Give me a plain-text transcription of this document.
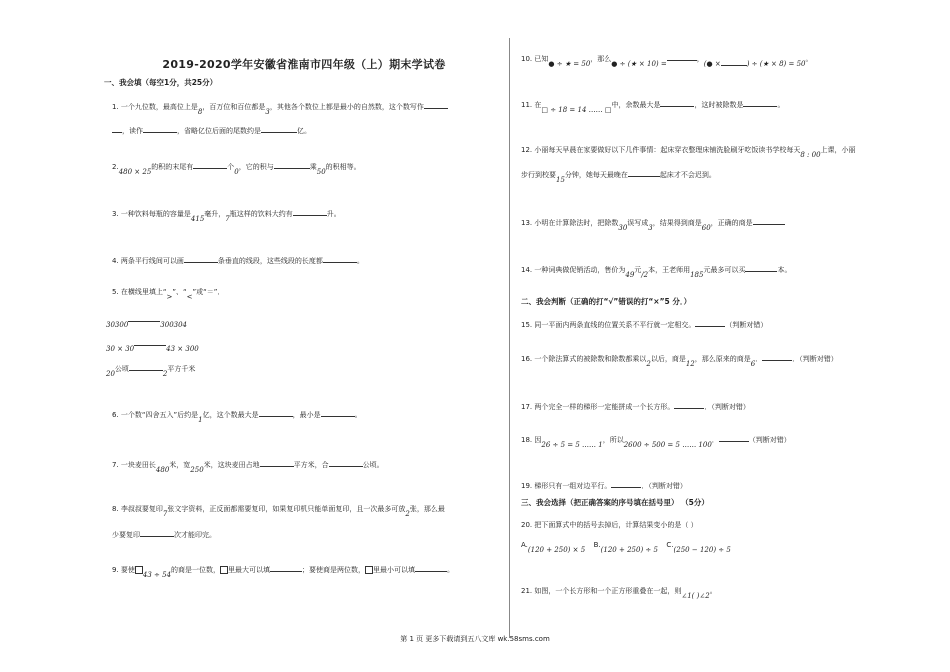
2019-2020学年安徽省淮南市四年级（上）期末学试卷
一、我会填（每空1分，共25分）
1. 一个九位数，最高位上是8，百万位和百位都是3，其他各个数位上都是最小的自然数，这个数写作
，读作	，省略亿位后面的尾数约是	亿。
2.480 × 25的积的末尾有	个0，它的积与	乘50的积相等。
3. 一种饮料每瓶的容量是415毫升，7瓶这样的饮料大约有	升。
4. 两条平行线间可以画	条垂直的线段，这些线段的长度都	。
5. 在横线里填上“>”、“<”或“＝”．
30300	300304
30 × 30	43 × 300
20公顷2平方千米
6. 一个数“四舍五入”后约是1亿，这个数最大是	，最小是	。
7. 一块麦田长480米，宽250米，这块麦田占地	平方米，合	公顷。
8. 李叔叔要复印7张文字资料，正反面都需要复印，如果复印机只能单面复印，且一次最多可放2张，那么最
少要复印	次才能印完。
9. 要使43 ÷ 54的商是一位数， 里最大可以填	；要使商是两位数， 里最小可以填	。
10. 已知● ÷ ★ = 50，那么● ÷ (★ × 10) =，(● ×	) ÷ (★ × 8) = 50。
11. 在□ ÷ 18 = 14 …… □中，余数最大是	，这时被除数是	。
12. 小丽每天早晨在家要做好以下几件事情：起床穿衣整理床铺洗脸刷牙吃饭读书学校每天8 : 00上课，小丽
步行到校要15分钟，她每天最晚在	起床才不会迟到。
13. 小明在计算除法时，把除数30误写成3，结果得到商是60，正确的商是
14. 一种词典做促销活动，售价为49元/2本，王老师用185元最多可以买	本。
二、我会判断（正确的打“√”错误的打“×”5 分．）
15. 同一平面内两条直线的位置关系不平行就一定相交。	（判断对错）
16. 一个除法算式的被除数和除数都乘以2以后，商是12，那么原来的商是6．	．（判断对错）
17. 两个完全一样的梯形一定能拼成一个长方形。	．（判断对错）
18. 因26 ÷ 5 = 5 …… 1，所以2600 ÷ 500 = 5 …… 100．	（判断对错）
19. 梯形只有一组对边平行。	．（判断对错）
三、我会选择（把正确答案的序号填在括号里） （5分）
20. 把下面算式中的括号去掉后，计算结果变小的是（ ）
A.(120 + 250) × 5  B.(120 + 250) ÷ 5  C.(250 − 120) ÷ 5
21. 如图，一个长方形和一个正方形重叠在一起，则∠1( )∠2。
第 1 页 更多下载请到五八文库 wk.58sms.com
